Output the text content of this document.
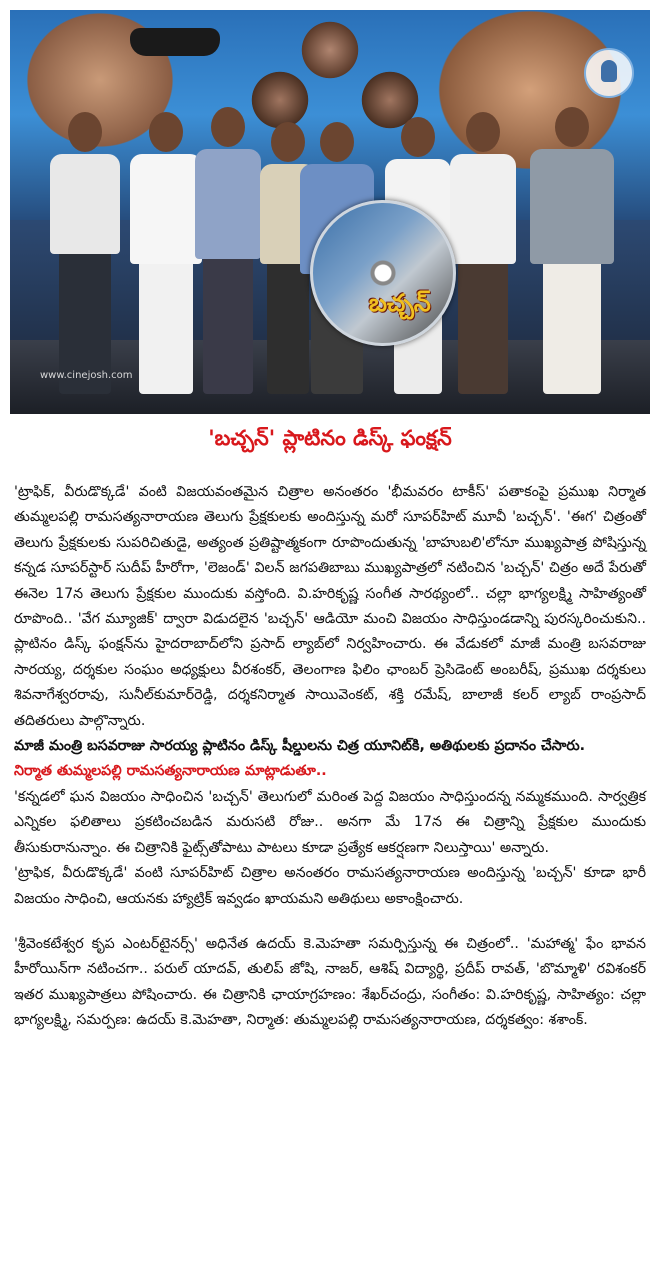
బచ్చన్
www.cinejosh.com
'బచ్చన్' ప్లాటినం డిస్క్ ఫంక్షన్

'ట్రాఫిక్, వీరుడొక్కడే' వంటి విజయవంతమైన చిత్రాల అనంతరం 'భీమవరం టాకీస్' పతాకంపై ప్రముఖ నిర్మాత తుమ్మలపల్లి రామసత్యనారాయణ తెలుగు ప్రేక్షకులకు అందిస్తున్న మరో సూపర్‌హిట్ మూవీ 'బచ్చన్'. 'ఈగ' చిత్రంతో తెలుగు ప్రేక్షకులకు సుపరిచితుడై, అత్యంత ప్రతిష్టాత్మకంగా రూపొందుతున్న 'బాహుబలి'లోనూ ముఖ్యపాత్ర పోషిస్తున్న కన్నడ సూపర్‌స్టార్ సుదీప్ హీరోగా, 'లెజండ్' విలన్ జగపతిబాబు ముఖ్యపాత్రలో నటించిన 'బచ్చన్' చిత్రం అదే పేరుతో ఈనెల 17న తెలుగు ప్రేక్షకుల ముందుకు వస్తోంది. వి.హరికృష్ణ సంగీత సారథ్యంలో.. చల్లా భాగ్యలక్ష్మి సాహిత్యంతో రూపొంది.. 'వేగ మ్యూజిక్' ద్వారా విడుదలైన 'బచ్చన్' ఆడియో మంచి విజయం సాధిస్తుండడాన్ని పురస్కరించుకుని.. ప్లాటినం డిస్క్ ఫంక్షన్‌ను హైదరాబాద్‌లోని ప్రసాద్ ల్యాబ్‌లో నిర్వహించారు. ఈ వేడుకలో మాజీ మంత్రి బసవరాజు సారయ్య, దర్శకుల సంఘం అధ్యక్షులు వీరశంకర్, తెలంగాణ ఫిలిం ఛాంబర్ ప్రెసిడెంట్ అంబరీష్, ప్రముఖ దర్శకులు శివనాగేశ్వరరావు, సునీల్‌కుమార్‌రెడ్డి, దర్శకనిర్మాత సాయివెంకట్, శక్తి రమేష్, బాలాజీ కలర్ ల్యాబ్ రాంప్రసాద్ తదితరులు పాల్గొన్నారు.

మాజీ మంత్రి బసవరాజు సారయ్య ప్లాటినం డిస్క్ షీల్డులను చిత్ర యూనిట్‌కి, అతిథులకు ప్రదానం చేసారు.

నిర్మాత తుమ్మలపల్లి రామసత్యనారాయణ మాట్లాడుతూ..

'కన్నడలో ఘన విజయం సాధించిన 'బచ్చన్' తెలుగులో మరింత పెద్ద విజయం సాధిస్తుందన్న నమ్మకముంది. సార్వత్రిక ఎన్నికల ఫలితాలు ప్రకటించబడిన మరుసటి రోజు.. అనగా మే 17న ఈ చిత్రాన్ని ప్రేక్షకుల ముందుకు తీసుకురానున్నాం. ఈ చిత్రానికి ఫైట్స్‌తోపాటు పాటలు కూడా ప్రత్యేక ఆకర్షణగా నిలుస్తాయి' అన్నారు.

'ట్రాఫిక, వీరుడొక్కడే' వంటి సూపర్‌హిట్ చిత్రాల అనంతరం రామసత్యనారాయణ అందిస్తున్న 'బచ్చన్' కూడా భారీ విజయం సాధించి, ఆయనకు హ్యాట్రిక్ ఇవ్వడం ఖాయమని అతిథులు అకాంక్షించారు.

'శ్రీవెంకటేశ్వర కృప ఎంటర్‌టైనర్స్' అధినేత ఉదయ్ కె.మెహతా సమర్పిస్తున్న ఈ చిత్రంలో.. 'మహాత్మ' ఫేం భావన హీరోయిన్‌గా నటించగా.. పరుల్ యాదవ్, తులిప్ జోషి, నాజర్, ఆశిష్ విద్యార్థి, ప్రదీప్ రావత్, 'బొమ్మాళి' రవిశంకర్ ఇతర ముఖ్యపాత్రలు పోషించారు. ఈ చిత్రానికి ఛాయాగ్రహణం: శేఖర్‌చంద్రు, సంగీతం: వి.హరికృష్ణ, సాహిత్యం: చల్లా భాగ్యలక్ష్మి, సమర్పణ: ఉదయ్ కె.మెహతా, నిర్మాత: తుమ్మలపల్లి రామసత్యనారాయణ, దర్శకత్వం: శశాంక్.
